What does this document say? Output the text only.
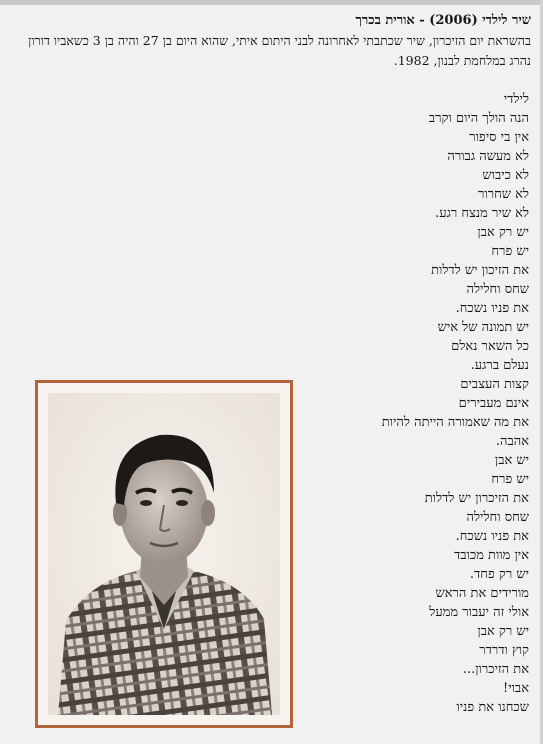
שיר לילדי (2006) - אורית בכרך
בהשראת יום הזיכרון, שיר שכתבתי לאחרונה לבני היתום איתי, שהוא היום בן 27 והיה בן 3 כשאביו דורון נהרג במלחמת לבנון, 1982.
לילדי
הנה הולך היום וקרב
אין בי סיפור
לא מעשה גבורה
לא כיבוש
לא שחרור
לא שיר מנצח רגע.
יש רק אבן
יש פרח
את הזיכון יש לדלות
שחס וחלילה
את פניו נשכח.
יש תמונה של איש
כל השאר נאלם
נעלם ברגע.
קצות העצבים
אינם מעבירים
את מה שאמורה הייתה להיות
אהבה.
יש אבן
יש פרח
את הזיכרון יש לדלות
שחס וחלילה
את פניו נשכח.
אין מוות מכובד
יש רק פחד.
מורידים את הראש
אולי זה יעבור ממעל
יש רק אבן
קוץ ודרדר
את הזיכרון...
אבוי!
שכחנו את פניו
